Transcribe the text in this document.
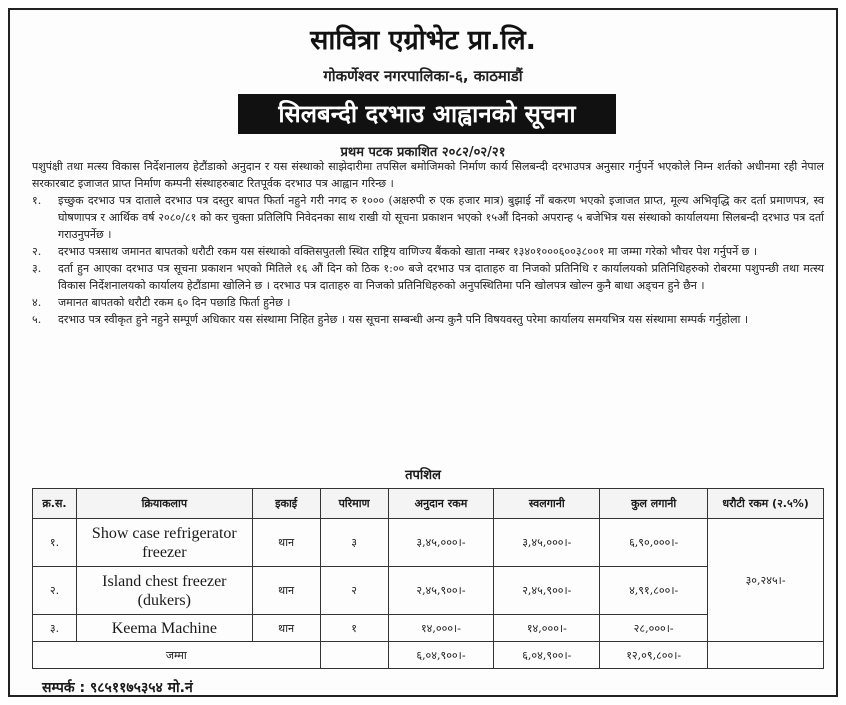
सावित्रा एग्रोभेट प्रा.लि.
गोकर्णेश्वर नगरपालिका-६, काठमाडौं
सिलबन्दी दरभाउ आह्वानको सूचना
प्रथम पटक प्रकाशित २०८२/०२/२१

पशुपंक्षी तथा मत्स्य विकास निर्देशनालय हेटौंडाको अनुदान र यस संस्थाको साझेदारीमा तपसिल बमोजिमको निर्माण कार्य सिलबन्दी दरभाउपत्र अनुसार गर्नुपर्ने भएकोले निम्न शर्तको अधीनमा रही नेपाल सरकारबाट इजाजत प्राप्त निर्माण कम्पनी संस्थाहरुबाट रितपूर्वक दरभाउ पत्र आह्वान गरिन्छ ।

१.	इच्छुक दरभाउ पत्र दाताले दरभाउ पत्र दस्तुर बापत फिर्ता नहुने गरी नगद रु १००० (अक्षरुपी रु एक हजार मात्र) बुझाई नाँ बकरण भएको इजाजत प्राप्त, मूल्य अभिवृद्धि कर दर्ता प्रमाणपत्र, स्व घोषणापत्र र आर्थिक वर्ष २०८०/८१ को कर चुक्ता प्रतिलिपि निवेदनका साथ राखी यो सूचना प्रकाशन भएको १५औं दिनको अपरान्ह ५ बजेभित्र यस संस्थाको कार्यालयमा सिलबन्दी दरभाउ पत्र दर्ता गराउनुपर्नेछ ।
२.	दरभाउ पत्रसाथ जमानत बापतको धरौटी रकम यस संस्थाको वक्तिसपुतली स्थित राष्ट्रिय वाणिज्य बैंकको खाता नम्बर १३४०१०००६००३८००१ मा जम्मा गरेको भौचर पेश गर्नुपर्ने छ ।
३.	दर्ता हुन आएका दरभाउ पत्र सूचना प्रकाशन भएको मितिले १६ औं दिन को ठिक १:०० बजे दरभाउ पत्र दाताहरु वा निजको प्रतिनिधि र कार्यालयको प्रतिनिधिहरुको रोबरमा पशुपन्छी तथा मत्स्य विकास निर्देशनालयको कार्यालय हेटौंडामा खोलिने छ । दरभाउ पत्र दाताहरु वा निजको प्रतिनिधिहरुको अनुपस्थितिमा पनि खोलपत्र खोल्न कुनै बाधा अड्चन हुने छैन ।
४.	जमानत बापतको धरौटी रकम ६० दिन पछाडि फिर्ता हुनेछ ।
५.	दरभाउ पत्र स्वीकृत हुने नहुने सम्पूर्ण अधिकार यस संस्थामा निहित हुनेछ । यस सूचना सम्बन्धी अन्य कुनै पनि विषयवस्तु परेमा कार्यालय समयभित्र यस संस्थामा सम्पर्क गर्नुहोला ।
तपशिल
क्र.स.	क्रियाकलाप	इकाई	परिमाण	अनुदान रकम	स्वलगानी	कुल लगानी	धरौटी रकम (२.५%)
१.	Show case refrigerator freezer	थान	३	३,४५,०००।-	३,४५,०००।-	६,९०,०००।-	३०,२४५।-
२.	Island chest freezer (dukers)	थान	२	२,४५,९००।-	२,४५,९००।-	४,९१,८००।-	
३.	Keema Machine	थान	१	१४,०००।-	१४,०००।-	२८,०००।-	
जम्मा				६,०४,९००।-	६,०४,९००।-	१२,०९,८००।-	
सम्पर्क : ९८५११७५३५४ मो.नं
